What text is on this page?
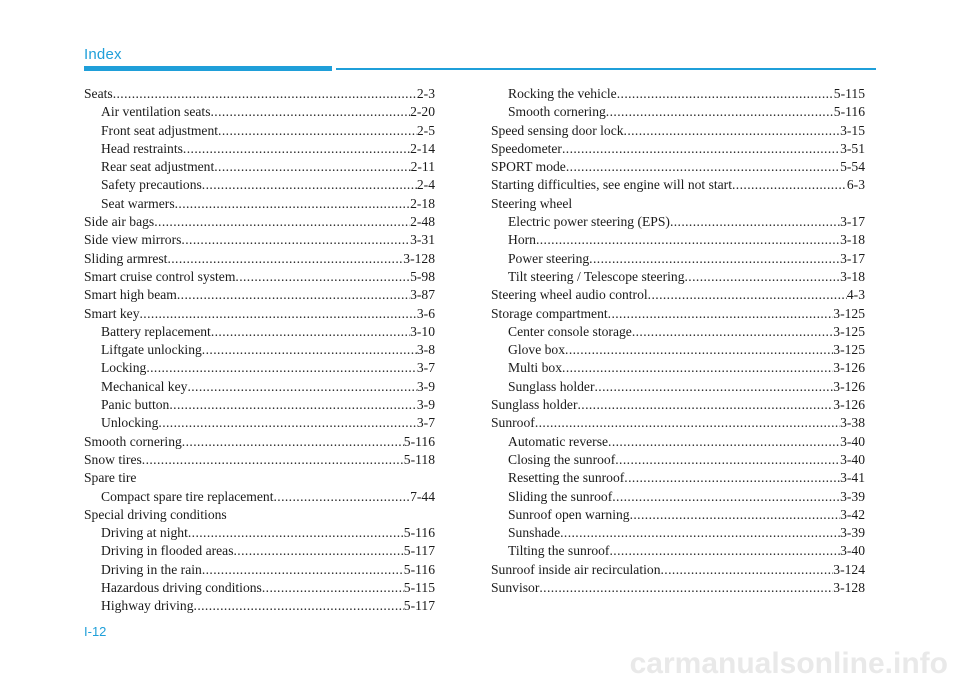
Index
Seats .....	2-3
Air ventilation seats .....	2-20
Front seat adjustment .....	2-5
Head restraints .....	2-14
Rear seat adjustment .....	2-11
Safety precautions .....	2-4
Seat warmers .....	2-18
Side air bags .....	2-48
Side view mirrors .....	3-31
Sliding armrest .....	3-128
Smart cruise control system .....	5-98
Smart high beam .....	3-87
Smart key .....	3-6
Battery replacement .....	3-10
Liftgate unlocking .....	3-8
Locking .....	3-7
Mechanical key .....	3-9
Panic button .....	3-9
Unlocking .....	3-7
Smooth cornering .....	5-116
Snow tires .....	5-118
Spare tire
Compact spare tire replacement .....	7-44
Special driving conditions
Driving at night .....	5-116
Driving in flooded areas .....	5-117
Driving in the rain .....	5-116
Hazardous driving conditions .....	5-115
Highway driving .....	5-117
Rocking the vehicle .....	5-115
Smooth cornering .....	5-116
Speed sensing door lock .....	3-15
Speedometer .....	3-51
SPORT mode .....	5-54
Starting difficulties, see engine will not start .....	6-3
Steering wheel
Electric power steering (EPS) .....	3-17
Horn .....	3-18
Power steering .....	3-17
Tilt steering / Telescope steering .....	3-18
Steering wheel audio control .....	4-3
Storage compartment .....	3-125
Center console storage .....	3-125
Glove box .....	3-125
Multi box .....	3-126
Sunglass holder .....	3-126
Sunglass holder .....	3-126
Sunroof .....	3-38
Automatic reverse .....	3-40
Closing the sunroof .....	3-40
Resetting the sunroof .....	3-41
Sliding the sunroof .....	3-39
Sunroof open warning .....	3-42
Sunshade .....	3-39
Tilting the sunroof .....	3-40
Sunroof inside air recirculation .....	3-124
Sunvisor .....	3-128
I-12
carmanualsonline.info
